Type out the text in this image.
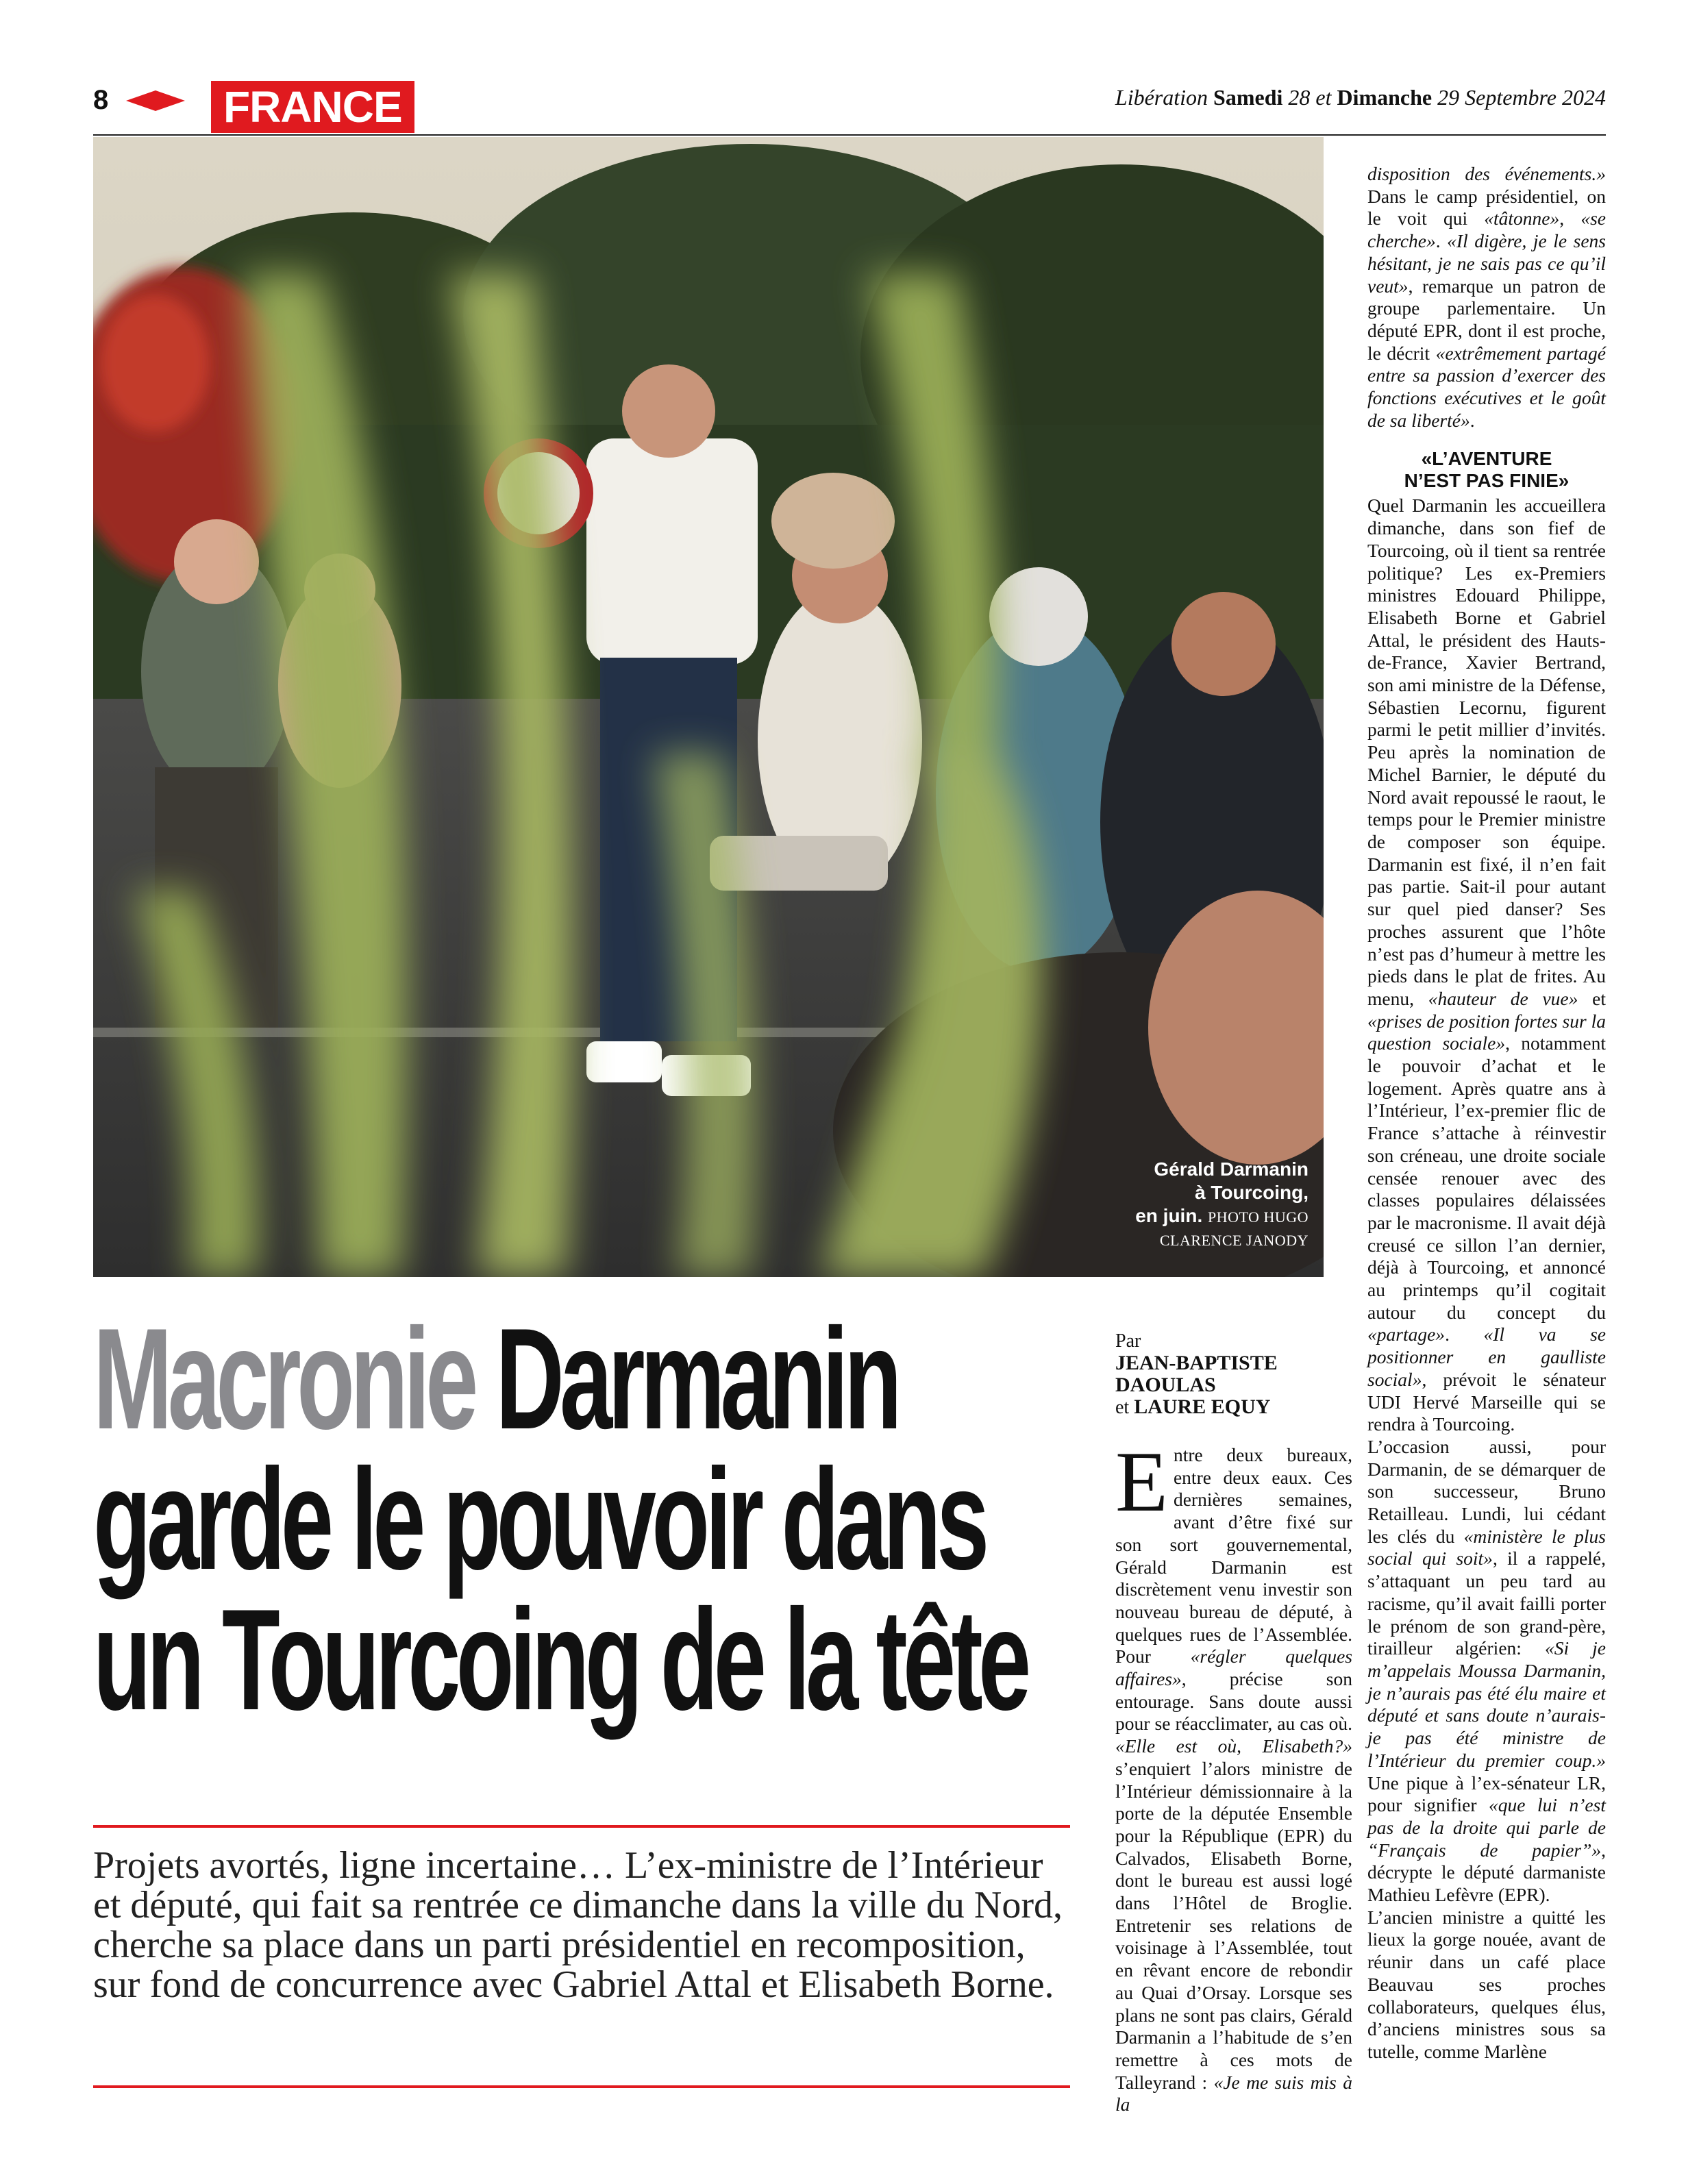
8	FRANCE	Libération Samedi 28 et Dimanche 29 Septembre 2024
Gérald Darmanin
à Tourcoing,
en juin. PHOTO HUGO
CLARENCE JANODY
Macronie Darmanin
garde le pouvoir dans
un Tourcoing de la tête
Projets avortés, ligne incertaine… L’ex-ministre de l’Intérieur et député, qui fait sa rentrée ce dimanche dans la ville du Nord, cherche sa place dans un parti présidentiel en recomposition, sur fond de concurrence avec Gabriel Attal et Elisabeth Borne.
Par
JEAN-BAPTISTE
DAOULAS
et LAURE EQUY

Entre deux bureaux, entre deux eaux. Ces dernières semaines, avant d’être fixé sur son sort gouvernemental, Gérald Darmanin est discrètement venu investir son nouveau bureau de député, à quelques rues de l’Assemblée. Pour «régler quelques affaires», précise son entourage. Sans doute aussi pour se réacclimater, au cas où. «Elle est où, Elisabeth?» s’enquiert l’alors ministre de l’Intérieur démissionnaire à la porte de la députée Ensemble pour la République (EPR) du Calvados, Elisabeth Borne, dont le bureau est aussi logé dans l’Hôtel de Broglie. Entretenir ses relations de voisinage à l’Assemblée, tout en rêvant encore de rebondir au Quai d’Orsay. Lorsque ses plans ne sont pas clairs, Gérald Darmanin a l’habitude de s’en remettre à ces mots de Talleyrand : «Je me suis mis à la

disposition des événements.» Dans le camp présidentiel, on le voit qui «tâtonne», «se cherche». «Il digère, je le sens hésitant, je ne sais pas ce qu’il veut», remarque un patron de groupe parlementaire. Un député EPR, dont il est proche, le décrit «extrêmement partagé entre sa passion d’exercer des fonctions exécutives et le goût de sa liberté».

«L’AVENTURE
N’EST PAS FINIE»

Quel Darmanin les accueillera dimanche, dans son fief de Tourcoing, où il tient sa rentrée politique? Les ex-Premiers ministres Edouard Philippe, Elisabeth Borne et Gabriel Attal, le président des Hauts-de-France, Xavier Bertrand, son ami ministre de la Défense, Sébastien Lecornu, figurent parmi le petit millier d’invités. Peu après la nomination de Michel Barnier, le député du Nord avait repoussé le raout, le temps pour le Premier ministre de composer son équipe. Darmanin est fixé, il n’en fait pas partie. Sait-il pour autant sur quel pied danser? Ses proches assurent que l’hôte n’est pas d’humeur à mettre les pieds dans le plat de frites. Au menu, «hauteur de vue» et «prises de position fortes sur la question sociale», notamment le pouvoir d’achat et le logement. Après quatre ans à l’Intérieur, l’ex-premier flic de France s’attache à réinvestir son créneau, une droite sociale censée renouer avec des classes populaires délaissées par le macronisme. Il avait déjà creusé ce sillon l’an dernier, déjà à Tourcoing, et annoncé au printemps qu’il cogitait autour du concept du «partage». «Il va se positionner en gaulliste social», prévoit le sénateur UDI Hervé Marseille qui se rendra à Tourcoing.

L’occasion aussi, pour Darmanin, de se démarquer de son successeur, Bruno Retailleau. Lundi, lui cédant les clés du «ministère le plus social qui soit», il a rappelé, s’attaquant un peu tard au racisme, qu’il avait failli porter le prénom de son grand-père, tirailleur algérien: «Si je m’appelais Moussa Darmanin, je n’aurais pas été élu maire et député et sans doute n’aurais-je pas été ministre de l’Intérieur du premier coup.» Une pique à l’ex-sénateur LR, pour signifier «que lui n’est pas de la droite qui parle de “Français de papier”», décrypte le député darmaniste Mathieu Lefèvre (EPR).

L’ancien ministre a quitté les lieux la gorge nouée, avant de réunir dans un café place Beauvau ses proches collaborateurs, quelques élus, d’anciens ministres sous sa tutelle, comme Marlène
